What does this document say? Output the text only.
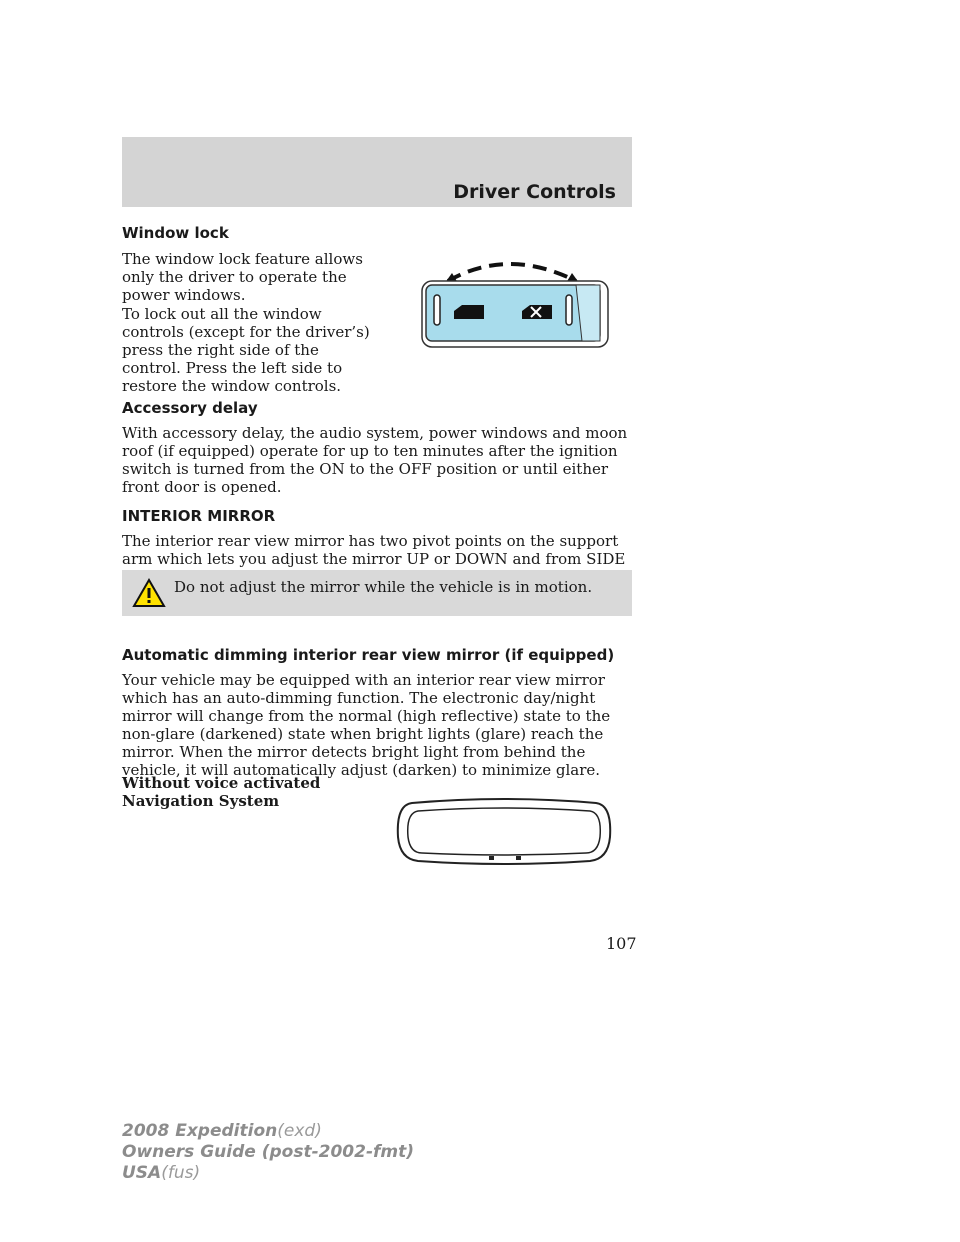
Driver Controls
Window lock

The window lock feature allows only the driver to operate the power windows.

To lock out all the window controls (except for the driver’s) press the right side of the control. Press the left side to restore the window controls.

Accessory delay

With accessory delay, the audio system, power windows and moon roof (if equipped) operate for up to ten minutes after the ignition switch is turned from the ON to the OFF position or until either front door is opened.

INTERIOR MIRROR

The interior rear view mirror has two pivot points on the support arm which lets you adjust the mirror UP or DOWN and from SIDE

Do not adjust the mirror while the vehicle is in motion.
Automatic dimming interior rear view mirror (if equipped)

Your vehicle may be equipped with an interior rear view mirror which has an auto-dimming function. The electronic day/night mirror will change from the normal (high reflective) state to the non-glare (darkened) state when bright lights (glare) reach the mirror. When the mirror detects bright light from behind the vehicle, it will automatically adjust (darken) to minimize glare.

Without voice activated
Navigation System
107
2008 Expedition(exd)
Owners Guide (post-2002-fmt)
USA(fus)
